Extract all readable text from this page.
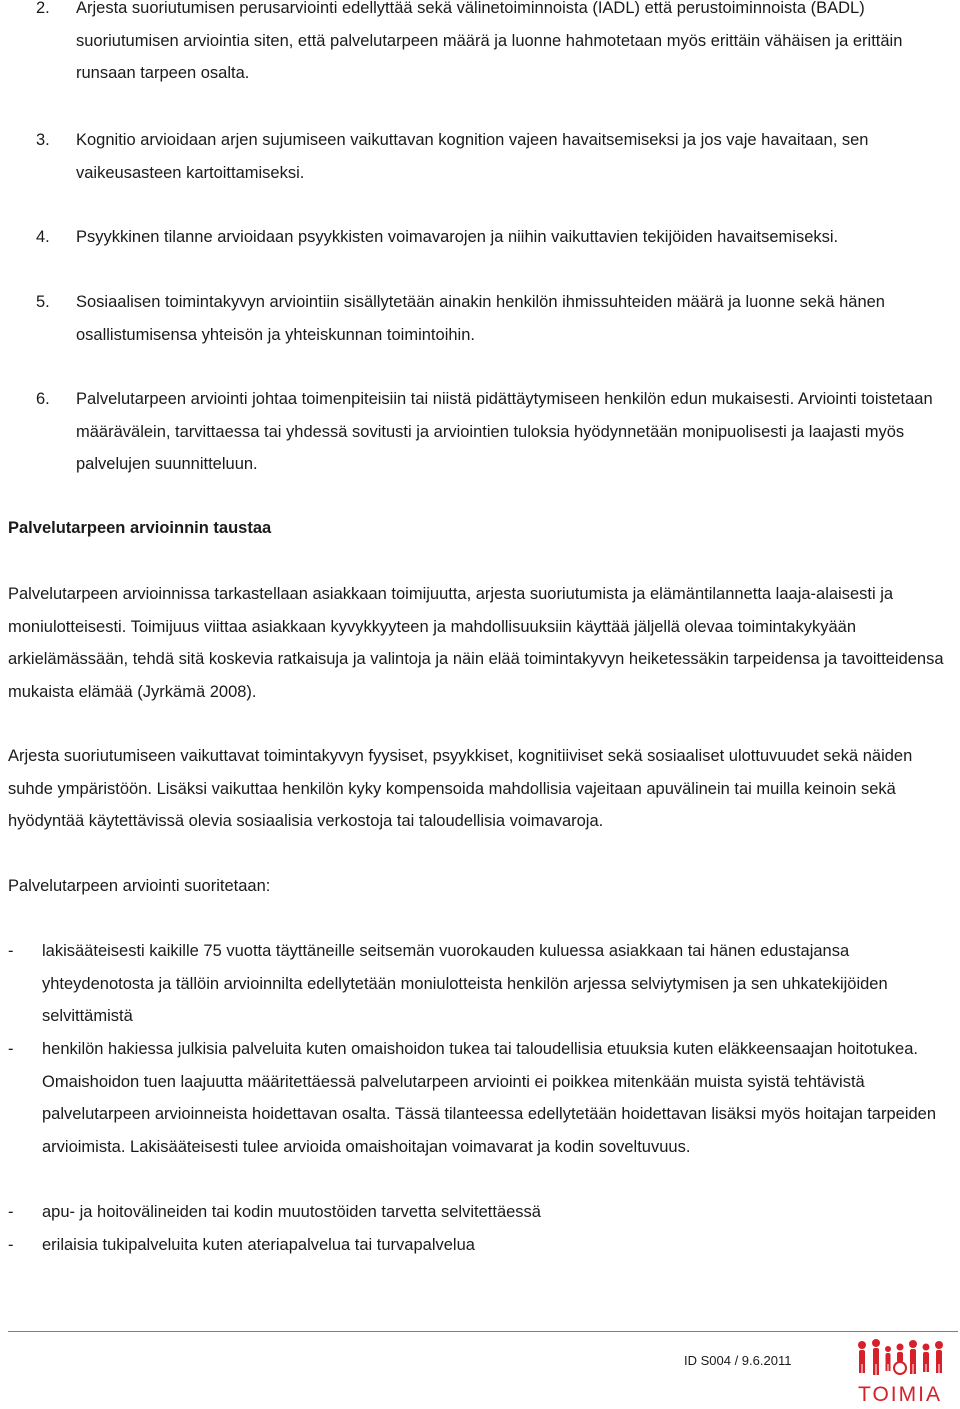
2.	Arjesta suoriutumisen perusarviointi edellyttää sekä välinetoiminnoista (IADL) että perustoiminnoista (BADL) suoriutumisen arviointia siten, että palvelutarpeen määrä ja luonne hahmotetaan myös erittäin vähäisen ja erittäin runsaan tarpeen osalta.
3.	Kognitio arvioidaan arjen sujumiseen vaikuttavan kognition vajeen havaitsemiseksi ja jos vaje havaitaan, sen vaikeusasteen kartoittamiseksi.
4.	Psyykkinen tilanne arvioidaan psyykkisten voimavarojen ja niihin vaikuttavien tekijöiden havaitsemiseksi.
5.	Sosiaalisen toimintakyvyn arviointiin sisällytetään ainakin henkilön ihmissuhteiden määrä ja luonne sekä hänen osallistumisensa yhteisön ja yhteiskunnan toimintoihin.
6.	Palvelutarpeen arviointi johtaa toimenpiteisiin tai niistä pidättäytymiseen henkilön edun mukaisesti. Arviointi toistetaan määrävälein, tarvittaessa tai yhdessä sovitusti ja arviointien tuloksia hyödynnetään monipuolisesti ja laajasti myös palvelujen suunnitteluun.
Palvelutarpeen arvioinnin taustaa
Palvelutarpeen arvioinnissa tarkastellaan asiakkaan toimijuutta, arjesta suoriutumista ja elämäntilannetta laaja-alaisesti ja moniulotteisesti. Toimijuus viittaa asiakkaan kyvykkyyteen ja mahdollisuuksiin käyttää jäljellä olevaa toimintakykyään arkielämässään, tehdä sitä koskevia ratkaisuja ja valintoja ja näin elää toimintakyvyn heiketessäkin tarpeidensa ja tavoitteidensa mukaista elämää (Jyrkämä 2008).
Arjesta suoriutumiseen vaikuttavat toimintakyvyn fyysiset, psyykkiset, kognitiiviset sekä sosiaaliset ulottuvuudet sekä näiden suhde ympäristöön. Lisäksi vaikuttaa henkilön kyky kompensoida mahdollisia vajeitaan apuvälinein tai muilla keinoin sekä hyödyntää käytettävissä olevia sosiaalisia verkostoja tai taloudellisia voimavaroja.
Palvelutarpeen arviointi suoritetaan:
-	lakisääteisesti kaikille 75 vuotta täyttäneille seitsemän vuorokauden kuluessa asiakkaan tai hänen edustajansa yhteydenotosta ja tällöin arvioinnilta edellytetään moniulotteista henkilön arjessa selviytymisen ja sen uhkatekijöiden selvittämistä
-	henkilön hakiessa julkisia palveluita kuten omaishoidon tukea tai taloudellisia etuuksia kuten eläkkeensaajan hoitotukea. Omaishoidon tuen laajuutta määritettäessä palvelutarpeen arviointi ei poikkea mitenkään muista syistä tehtävistä palvelutarpeen arvioinneista hoidettavan osalta. Tässä tilanteessa edellytetään hoidettavan lisäksi myös hoitajan tarpeiden arvioimista. Lakisääteisesti tulee arvioida omaishoitajan voimavarat ja kodin soveltuvuus.
-	apu- ja hoitovälineiden tai kodin muutostöiden tarvetta selvitettäessä
-	erilaisia tukipalveluita kuten ateriapalvelua tai turvapalvelua
ID S004 / 9.6.2011
TOIMIA
